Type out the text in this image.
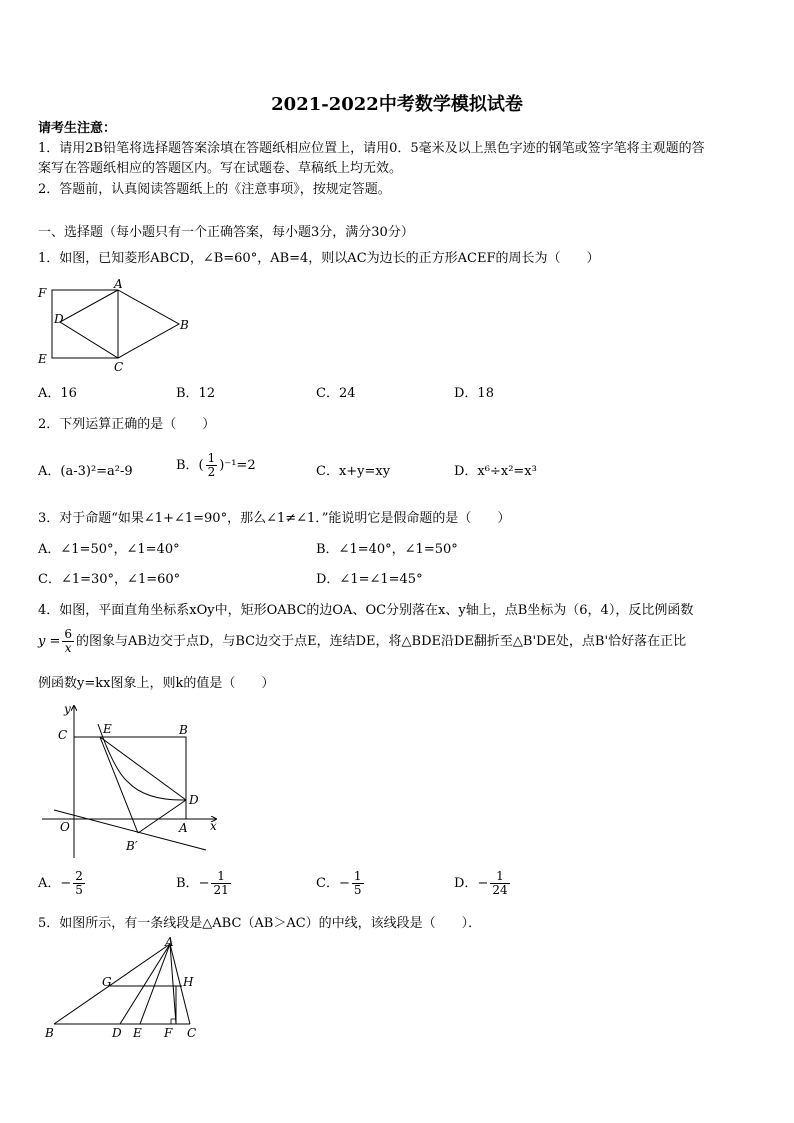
2021-2022中考数学模拟试卷
请考生注意：
1．请用2B铅笔将选择题答案涂填在答题纸相应位置上，请用0．5毫米及以上黑色字迹的钢笔或签字笔将主观题的答
案写在答题纸相应的答题区内。写在试题卷、草稿纸上均无效。
2．答题前，认真阅读答题纸上的《注意事项》，按规定答题。
一、选择题（每小题只有一个正确答案，每小题3分，满分30分）
1．如图，已知菱形ABCD，∠B=60°，AB=4，则以AC为边长的正方形ACEF的周长为（　　）
A
B
C
D
E
F
A．16	B．12	C．24	D．18
2．下列运算正确的是（　　）
A．(a-3)²=a²-9	B．( $\frac{1}{2} )^{-1}=2$	C．x+y=xy	D．x⁶÷x²=x³
3．对于命题“如果∠1+∠1=90°，那么∠1≠∠1．”能说明它是假命题的是（　　）
A．∠1=50°，∠1=40°	B．∠1=40°，∠1=50°
C．∠1=30°，∠1=60°	D．∠1=∠1=45°
4．如图，平面直角坐标系xOy中，矩形OABC的边OA、OC分别落在x、y轴上，点B坐标为（6，4），反比例函数
$y = \frac{6}{x}$ 的图象与AB边交于点D，与BC边交于点E，连结DE，将△BDE沿DE翻折至△B'DE处，点B'恰好落在正比
例函数y=kx图象上，则k的值是（　　）
y
x
O	A
B
C
D
E
B′
A．− $\frac{2}{5}$	B．− $\frac{1}{21}$	C．− $\frac{1}{5}$	D．− $\frac{1}{24}$
5．如图所示，有一条线段是△ABC（AB＞AC）的中线，该线段是（　　）．
A
B	C
D E F
G	H
